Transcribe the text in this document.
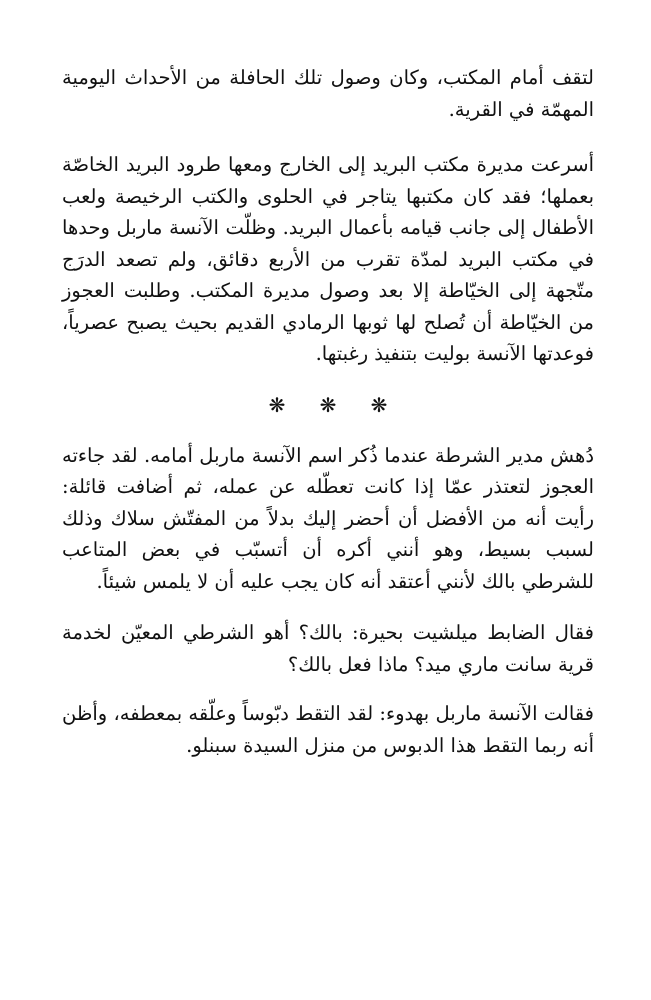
لتقف أمام المكتب، وكان وصول تلك الحافلة من الأحداث اليومية المهمّة في القرية.

أسرعت مديرة مكتب البريد إلى الخارج ومعها طرود البريد الخاصّة بعملها؛ فقد كان مكتبها يتاجر في الحلوى والكتب الرخيصة ولعب الأطفال إلى جانب قيامه بأعمال البريد. وظلّت الآنسة ماربل وحدها في مكتب البريد لمدّة تقرب من الأربع دقائق، ولم تصعد الدرَج متّجهة إلى الخيّاطة إلا بعد وصول مديرة المكتب. وطلبت العجوز من الخيّاطة أن تُصلح لها ثوبها الرمادي القديم بحيث يصبح عصرياً، فوعدتها الآنسة بوليت بتنفيذ رغبتها.

❋ ❋ ❋

دُهش مدير الشرطة عندما ذُكر اسم الآنسة ماربل أمامه. لقد جاءته العجوز لتعتذر عمّا إذا كانت تعطّله عن عمله، ثم أضافت قائلة: رأيت أنه من الأفضل أن أحضر إليك بدلاً من المفتّش سلاك وذلك لسبب بسيط، وهو أنني أكره أن أتسبّب في بعض المتاعب للشرطي بالك لأنني أعتقد أنه كان يجب عليه أن لا يلمس شيئاً.

فقال الضابط ميلشيت بحيرة: بالك؟ أهو الشرطي المعيّن لخدمة قرية سانت ماري ميد؟ ماذا فعل بالك؟

فقالت الآنسة ماربل بهدوء: لقد التقط دبّوساً وعلّقه بمعطفه، وأظن أنه ربما التقط هذا الدبوس من منزل السيدة سبنلو.
